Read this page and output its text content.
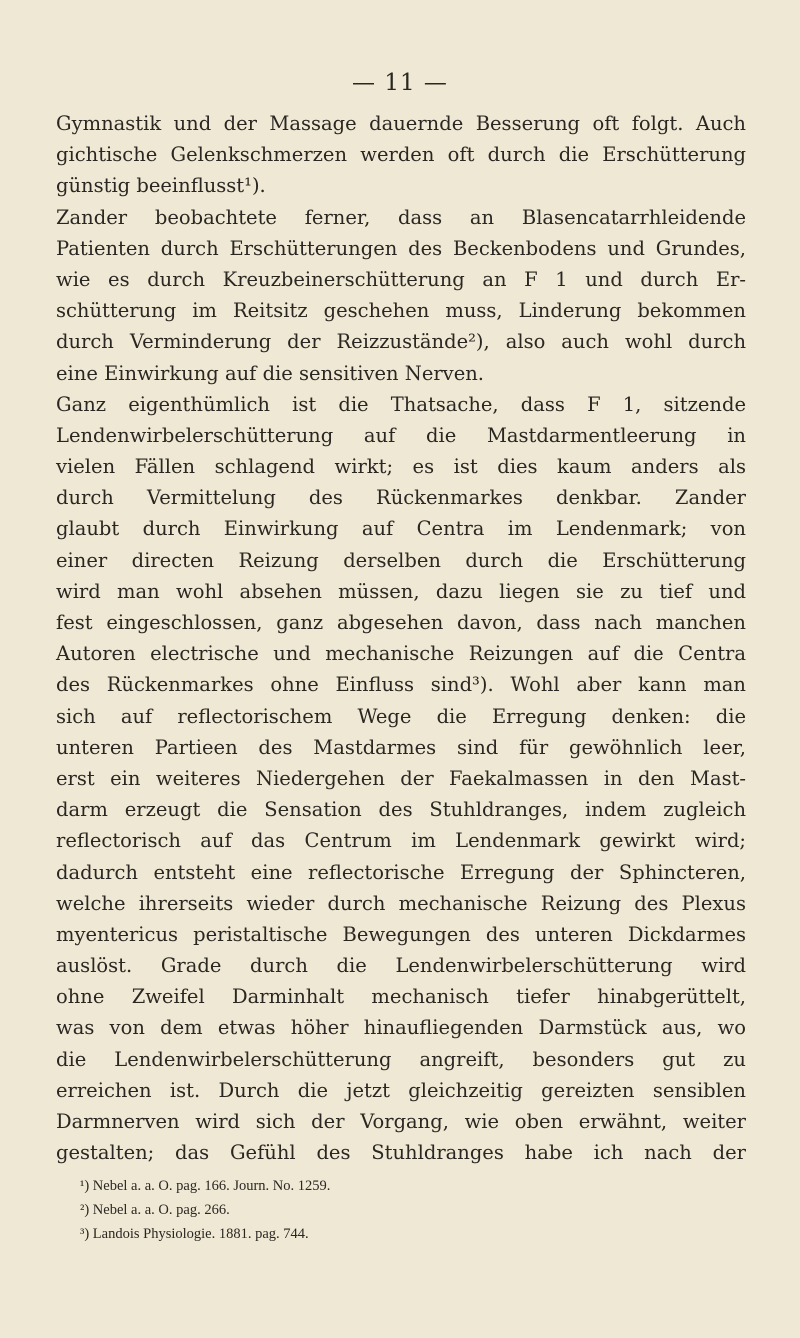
— 11 —
Gymnastik und der Massage dauernde Besserung oft folgt. Auch
gichtische Gelenkschmerzen werden oft durch die Erschütterung
günstig beeinflusst¹).
Zander beobachtete ferner, dass an Blasencatarrhleidende
Patienten durch Erschütterungen des Beckenbodens und Grundes,
wie es durch Kreuzbeinerschütterung an F 1 und durch Er-
schütterung im Reitsitz geschehen muss, Linderung bekommen
durch Verminderung der Reizzustände²), also auch wohl durch
eine Einwirkung auf die sensitiven Nerven.
Ganz eigenthümlich ist die Thatsache, dass F 1, sitzende
Lendenwirbelerschütterung auf die Mastdarmentleerung in
vielen Fällen schlagend wirkt; es ist dies kaum anders als
durch Vermittelung des Rückenmarkes denkbar. Zander
glaubt durch Einwirkung auf Centra im Lendenmark; von
einer directen Reizung derselben durch die Erschütterung
wird man wohl absehen müssen, dazu liegen sie zu tief und
fest eingeschlossen, ganz abgesehen davon, dass nach manchen
Autoren electrische und mechanische Reizungen auf die Centra
des Rückenmarkes ohne Einfluss sind³). Wohl aber kann man
sich auf reflectorischem Wege die Erregung denken: die
unteren Partieen des Mastdarmes sind für gewöhnlich leer,
erst ein weiteres Niedergehen der Faekalmassen in den Mast-
darm erzeugt die Sensation des Stuhldranges, indem zugleich
reflectorisch auf das Centrum im Lendenmark gewirkt wird;
dadurch entsteht eine reflectorische Erregung der Sphincteren,
welche ihrerseits wieder durch mechanische Reizung des Plexus
myentericus peristaltische Bewegungen des unteren Dickdarmes
auslöst. Grade durch die Lendenwirbelerschütterung wird
ohne Zweifel Darminhalt mechanisch tiefer hinabgerüttelt,
was von dem etwas höher hinaufliegenden Darmstück aus, wo
die Lendenwirbelerschütterung angreift, besonders gut zu
erreichen ist. Durch die jetzt gleichzeitig gereizten sensiblen
Darmnerven wird sich der Vorgang, wie oben erwähnt, weiter
gestalten; das Gefühl des Stuhldranges habe ich nach der
¹) Nebel a. a. O. pag. 166. Journ. No. 1259.
²) Nebel a. a. O. pag. 266.
³) Landois Physiologie. 1881. pag. 744.
